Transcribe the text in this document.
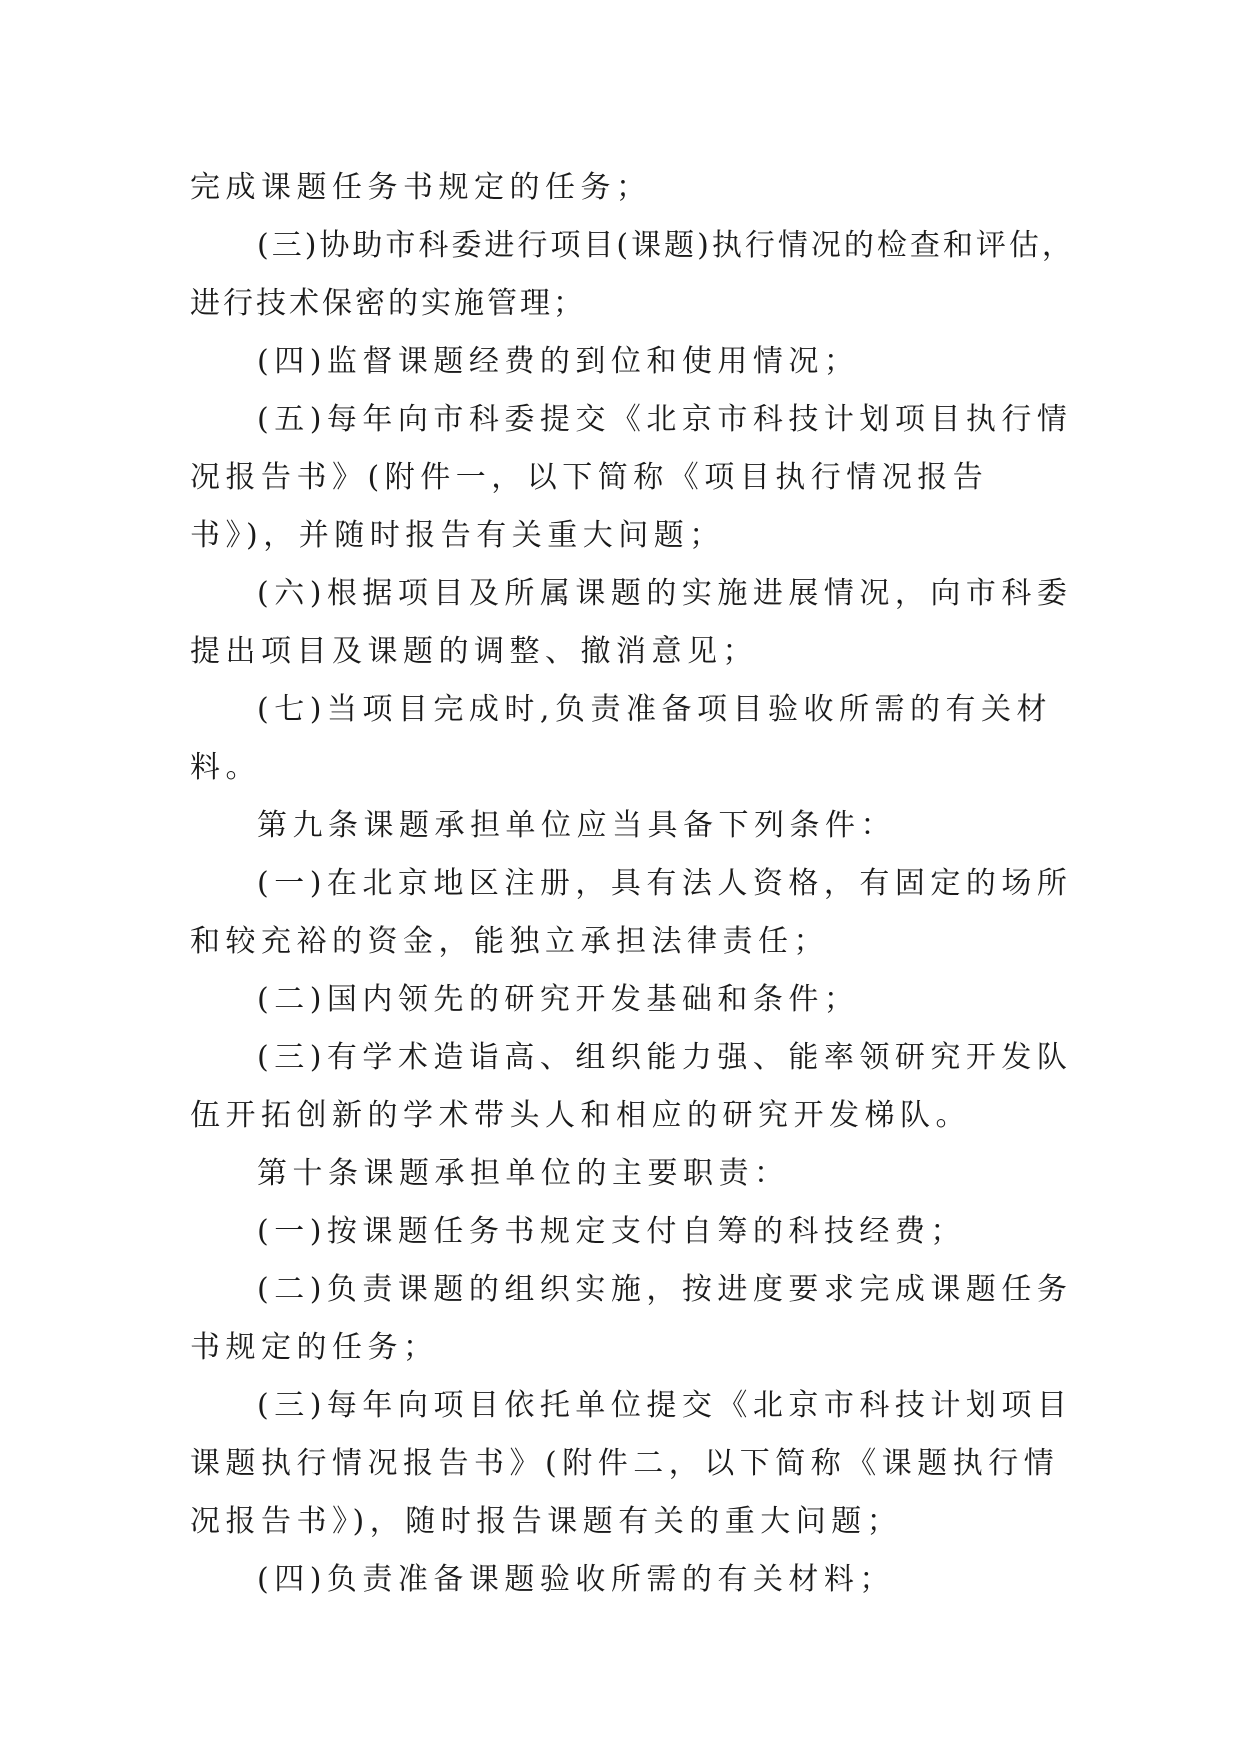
完成课题任务书规定的任务；

(三)协助市科委进行项目(课题)执行情况的检查和评估，进行技术保密的实施管理；

(四)监督课题经费的到位和使用情况；

(五)每年向市科委提交《北京市科技计划项目执行情况报告书》(附件一，以下简称《项目执行情况报告书》)，并随时报告有关重大问题；

(六)根据项目及所属课题的实施进展情况，向市科委提出项目及课题的调整、撤消意见；

(七)当项目完成时,负责准备项目验收所需的有关材料。

第九条课题承担单位应当具备下列条件：

(一)在北京地区注册，具有法人资格，有固定的场所和较充裕的资金，能独立承担法律责任；

(二)国内领先的研究开发基础和条件；

(三)有学术造诣高、组织能力强、能率领研究开发队伍开拓创新的学术带头人和相应的研究开发梯队。

第十条课题承担单位的主要职责：

(一)按课题任务书规定支付自筹的科技经费；

(二)负责课题的组织实施，按进度要求完成课题任务书规定的任务；

(三)每年向项目依托单位提交《北京市科技计划项目课题执行情况报告书》(附件二，以下简称《课题执行情况报告书》)，随时报告课题有关的重大问题；

(四)负责准备课题验收所需的有关材料；
